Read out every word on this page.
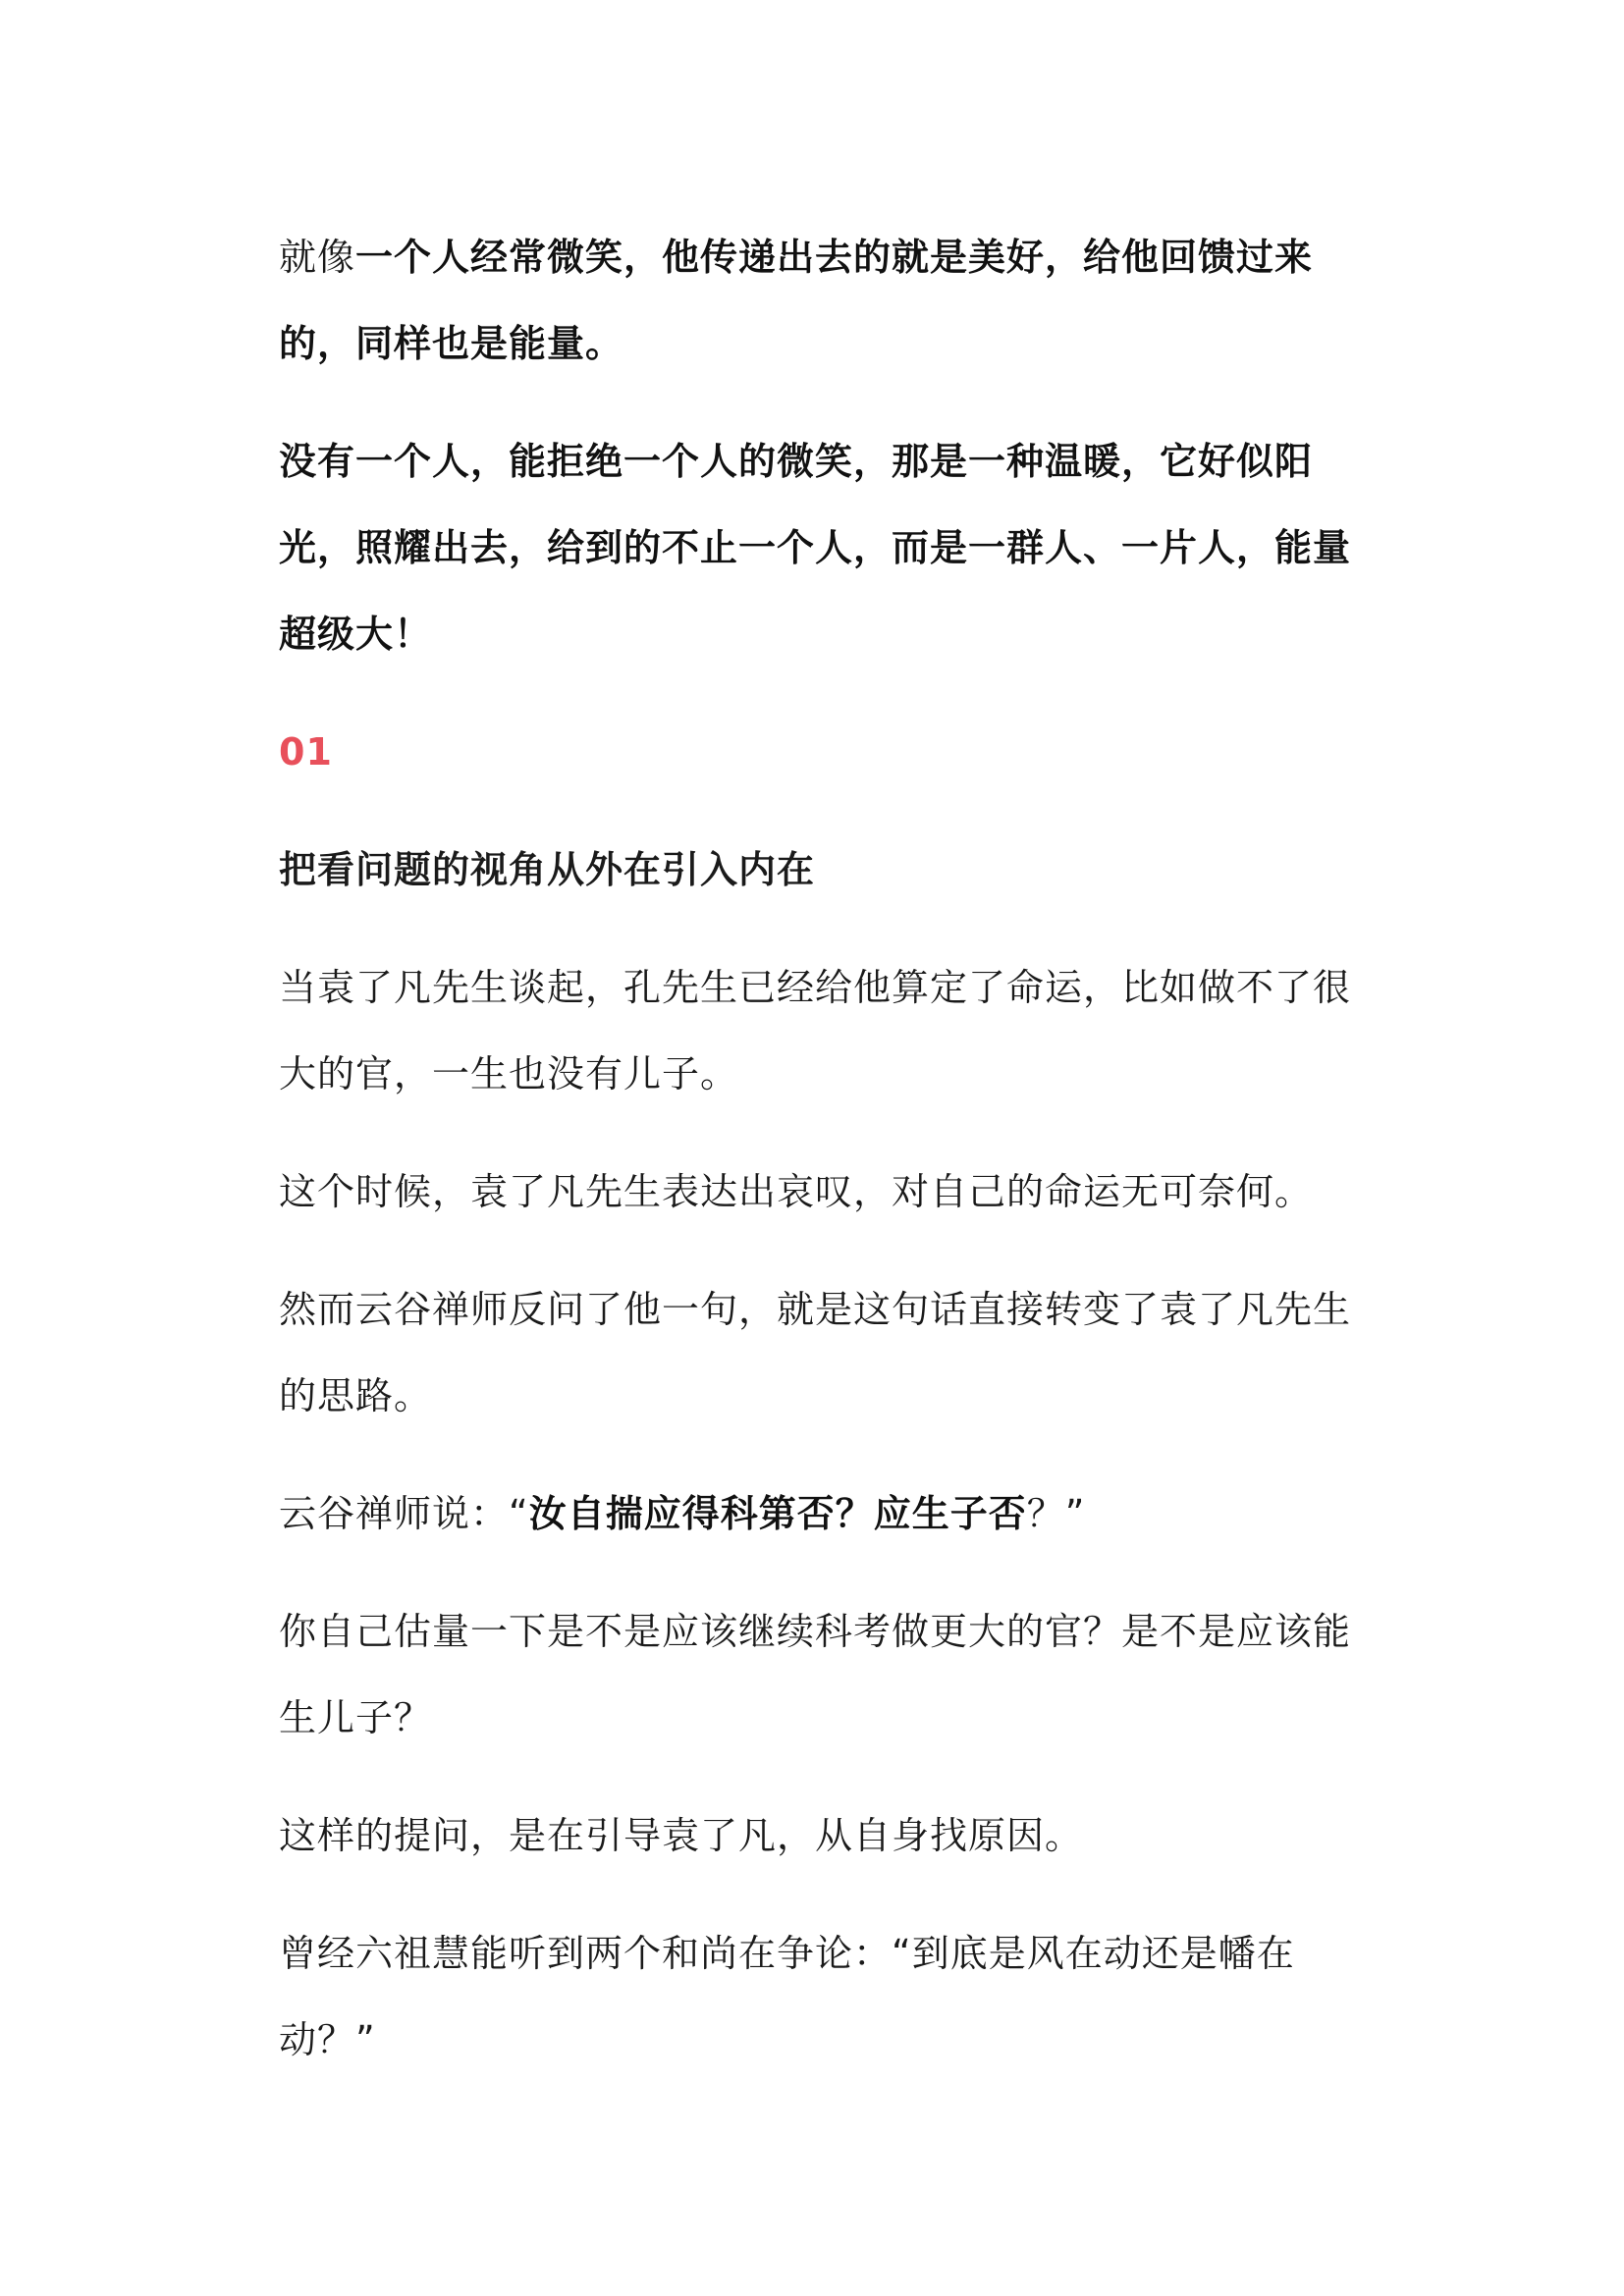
就像一个人经常微笑，他传递出去的就是美好，给他回馈过来的，同样也是能量。

没有一个人，能拒绝一个人的微笑，那是一种温暖，它好似阳光，照耀出去，给到的不止一个人，而是一群人、一片人，能量超级大！

01
把看问题的视角从外在引入内在

当袁了凡先生谈起，孔先生已经给他算定了命运，比如做不了很大的官，一生也没有儿子。

这个时候，袁了凡先生表达出哀叹，对自己的命运无可奈何。

然而云谷禅师反问了他一句，就是这句话直接转变了袁了凡先生的思路。

云谷禅师说：“汝自揣应得科第否？应生子否？”

你自己估量一下是不是应该继续科考做更大的官？是不是应该能生儿子？

这样的提问，是在引导袁了凡，从自身找原因。

曾经六祖慧能听到两个和尚在争论：“到底是风在动还是幡在动？”
